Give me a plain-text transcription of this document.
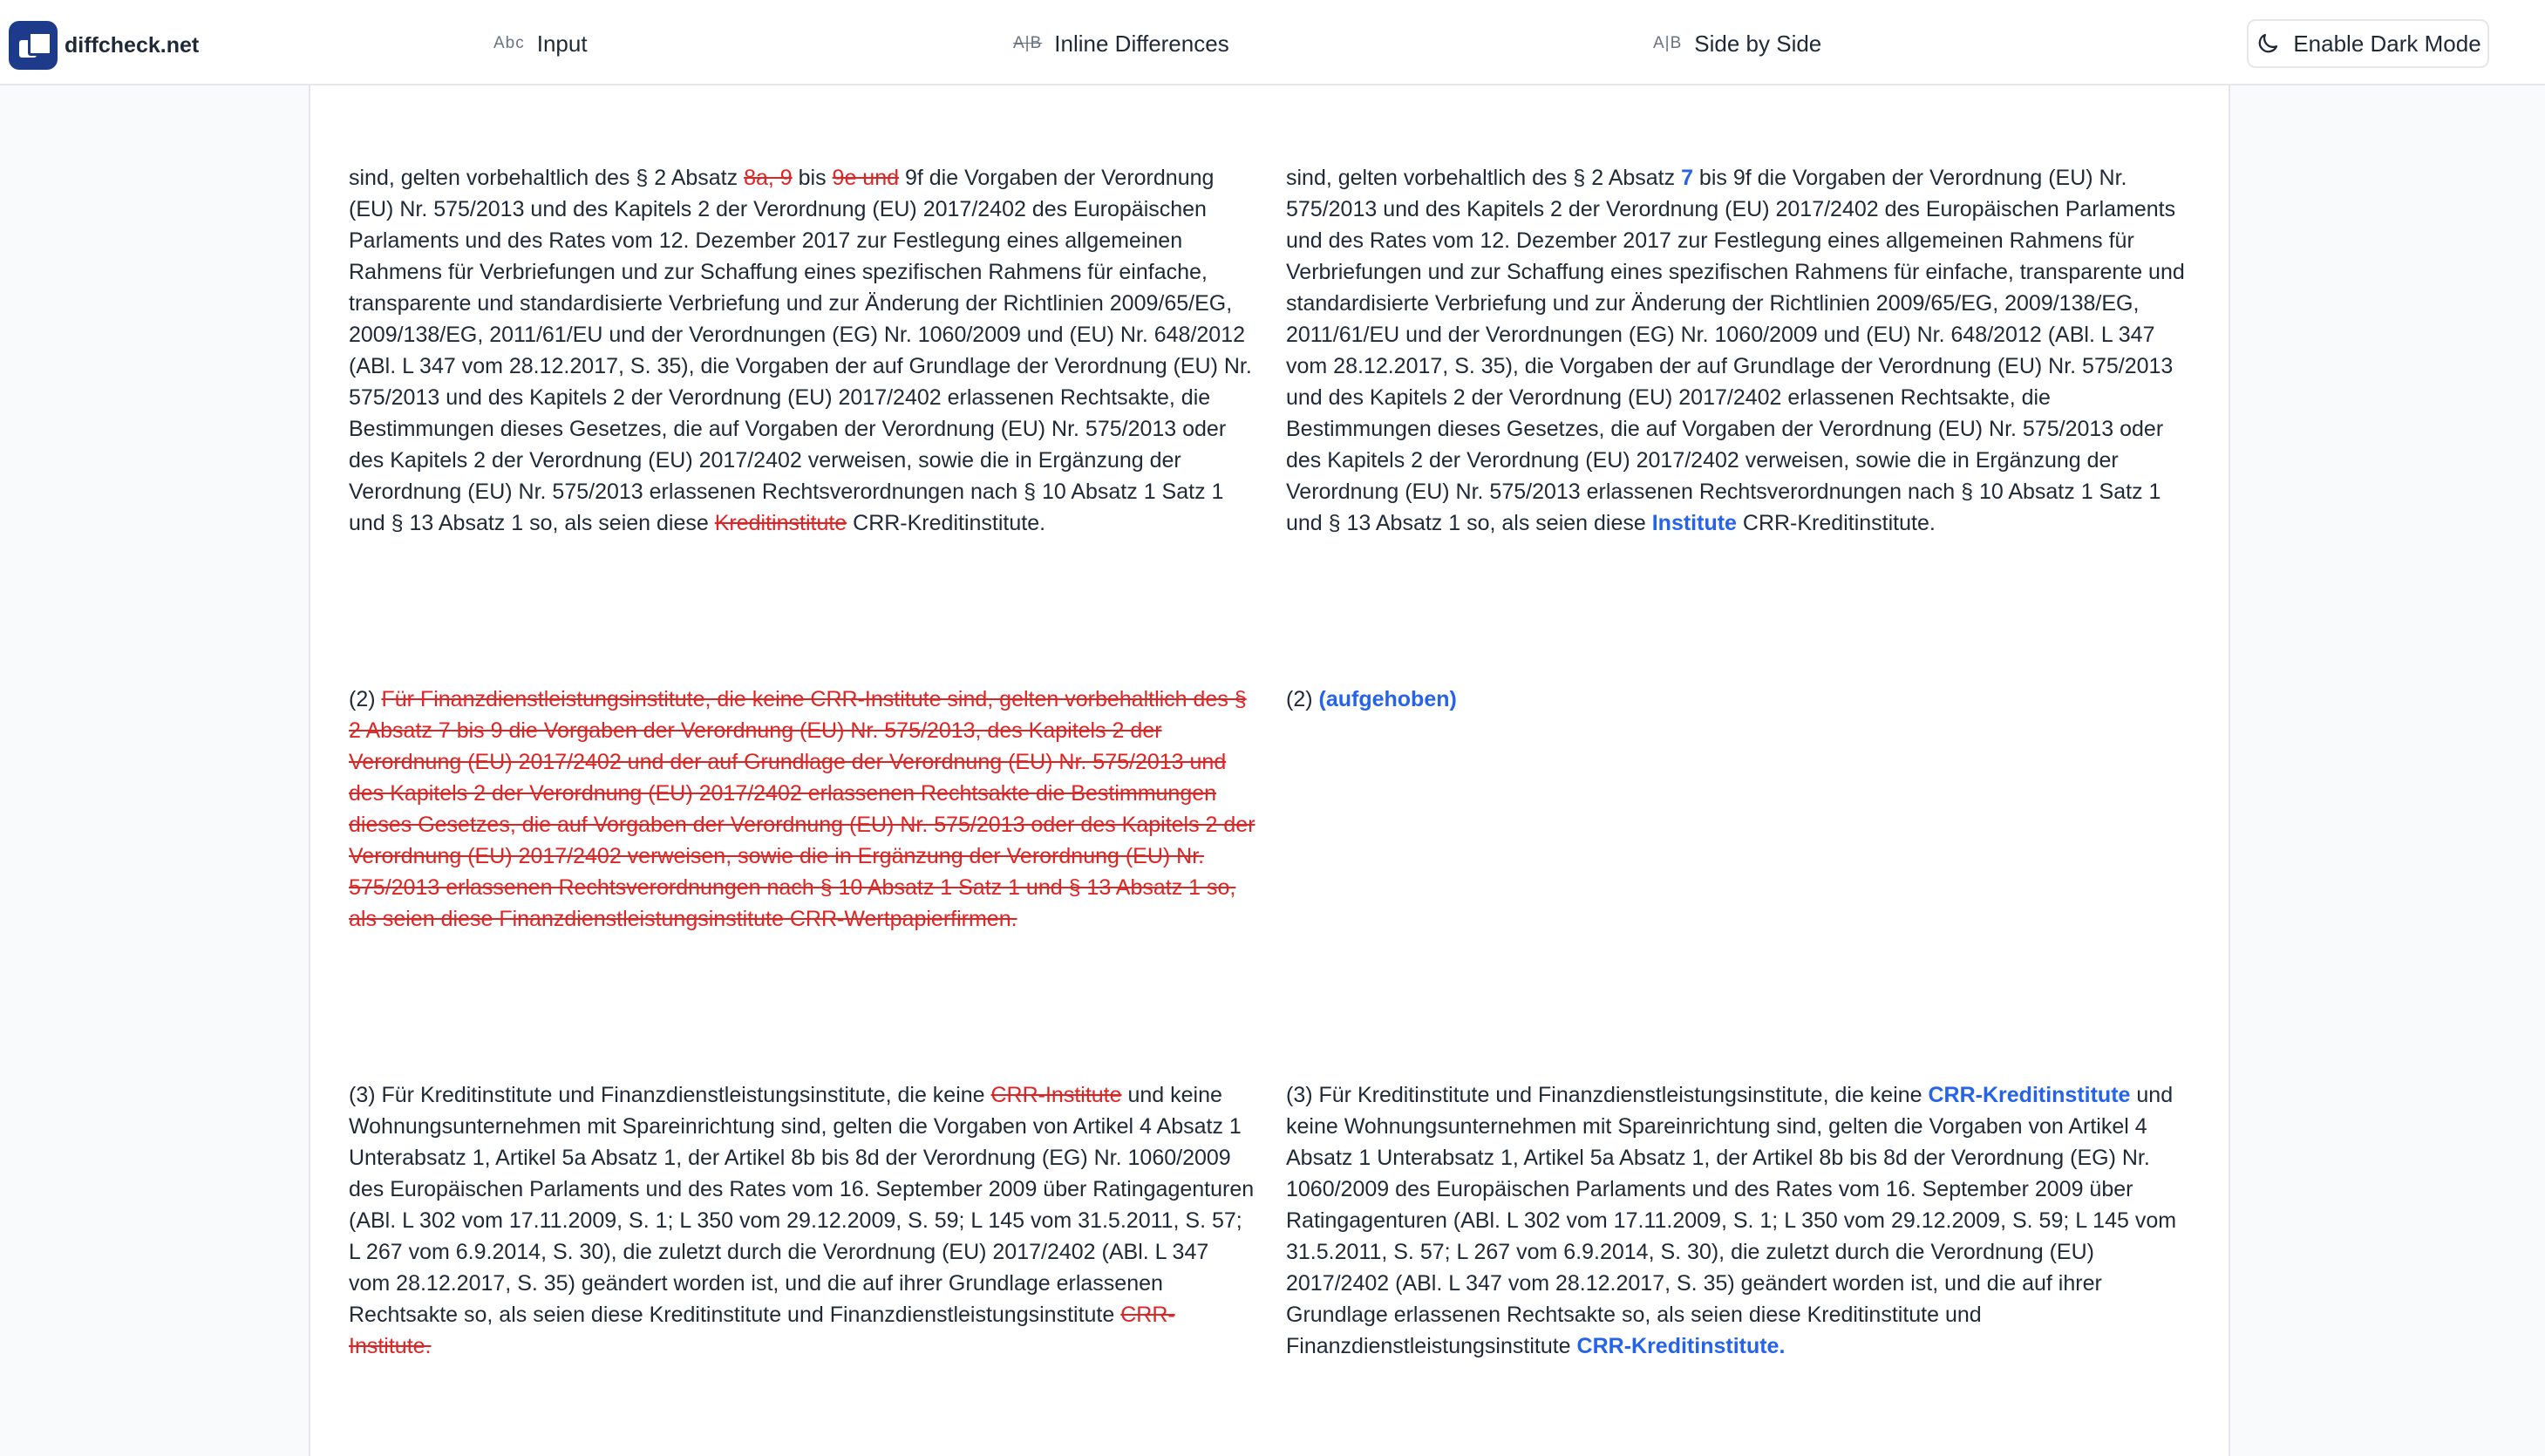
diffcheck.net	Abc Input	A|B Inline Differences	A|B Side by Side	Enable Dark Mode

sind, gelten vorbehaltlich des § 2 Absatz 8a, 9 bis 9e und 9f die Vorgaben der Verordnung (EU) Nr. 575/2013 und des Kapitels 2 der Verordnung (EU) 2017/2402 des Europäischen Parlaments und des Rates vom 12. Dezember 2017 zur Festlegung eines allgemeinen Rahmens für Verbriefungen und zur Schaffung eines spezifischen Rahmens für einfache, transparente und standardisierte Verbriefung und zur Änderung der Richtlinien 2009/65/EG, 2009/138/EG, 2011/61/EU und der Verordnungen (EG) Nr. 1060/2009 und (EU) Nr. 648/2012 (ABl. L 347 vom 28.12.2017, S. 35), die Vorgaben der auf Grundlage der Verordnung (EU) Nr. 575/2013 und des Kapitels 2 der Verordnung (EU) 2017/2402 erlassenen Rechtsakte, die Bestimmungen dieses Gesetzes, die auf Vorgaben der Verordnung (EU) Nr. 575/2013 oder des Kapitels 2 der Verordnung (EU) 2017/2402 verweisen, sowie die in Ergänzung der Verordnung (EU) Nr. 575/2013 erlassenen Rechtsverordnungen nach § 10 Absatz 1 Satz 1 und § 13 Absatz 1 so, als seien diese Kreditinstitute CRR-Kreditinstitute.

(2) Für Finanzdienstleistungsinstitute, die keine CRR-Institute sind, gelten vorbehaltlich des § 2 Absatz 7 bis 9 die Vorgaben der Verordnung (EU) Nr. 575/2013, des Kapitels 2 der Verordnung (EU) 2017/2402 und der auf Grundlage der Verordnung (EU) Nr. 575/2013 und des Kapitels 2 der Verordnung (EU) 2017/2402 erlassenen Rechtsakte die Bestimmungen dieses Gesetzes, die auf Vorgaben der Verordnung (EU) Nr. 575/2013 oder des Kapitels 2 der Verordnung (EU) 2017/2402 verweisen, sowie die in Ergänzung der Verordnung (EU) Nr. 575/2013 erlassenen Rechtsverordnungen nach § 10 Absatz 1 Satz 1 und § 13 Absatz 1 so, als seien diese Finanzdienstleistungsinstitute CRR-Wertpapierfirmen.

(3) Für Kreditinstitute und Finanzdienstleistungsinstitute, die keine CRR-Institute und keine Wohnungsunternehmen mit Spareinrichtung sind, gelten die Vorgaben von Artikel 4 Absatz 1 Unterabsatz 1, Artikel 5a Absatz 1, der Artikel 8b bis 8d der Verordnung (EG) Nr. 1060/2009 des Europäischen Parlaments und des Rates vom 16. September 2009 über Ratingagenturen (ABl. L 302 vom 17.11.2009, S. 1; L 350 vom 29.12.2009, S. 59; L 145 vom 31.5.2011, S. 57; L 267 vom 6.9.2014, S. 30), die zuletzt durch die Verordnung (EU) 2017/2402 (ABl. L 347 vom 28.12.2017, S. 35) geändert worden ist, und die auf ihrer Grundlage erlassenen Rechtsakte so, als seien diese Kreditinstitute und Finanzdienstleistungsinstitute CRR-Institute.

sind, gelten vorbehaltlich des § 2 Absatz 7 bis 9f die Vorgaben der Verordnung (EU) Nr. 575/2013 und des Kapitels 2 der Verordnung (EU) 2017/2402 des Europäischen Parlaments und des Rates vom 12. Dezember 2017 zur Festlegung eines allgemeinen Rahmens für Verbriefungen und zur Schaffung eines spezifischen Rahmens für einfache, transparente und standardisierte Verbriefung und zur Änderung der Richtlinien 2009/65/EG, 2009/138/EG, 2011/61/EU und der Verordnungen (EG) Nr. 1060/2009 und (EU) Nr. 648/2012 (ABl. L 347 vom 28.12.2017, S. 35), die Vorgaben der auf Grundlage der Verordnung (EU) Nr. 575/2013 und des Kapitels 2 der Verordnung (EU) 2017/2402 erlassenen Rechtsakte, die Bestimmungen dieses Gesetzes, die auf Vorgaben der Verordnung (EU) Nr. 575/2013 oder des Kapitels 2 der Verordnung (EU) 2017/2402 verweisen, sowie die in Ergänzung der Verordnung (EU) Nr. 575/2013 erlassenen Rechtsverordnungen nach § 10 Absatz 1 Satz 1 und § 13 Absatz 1 so, als seien diese Institute CRR-Kreditinstitute.

(2) (aufgehoben)

(3) Für Kreditinstitute und Finanzdienstleistungsinstitute, die keine CRR-Kreditinstitute und keine Wohnungsunternehmen mit Spareinrichtung sind, gelten die Vorgaben von Artikel 4 Absatz 1 Unterabsatz 1, Artikel 5a Absatz 1, der Artikel 8b bis 8d der Verordnung (EG) Nr. 1060/2009 des Europäischen Parlaments und des Rates vom 16. September 2009 über Ratingagenturen (ABl. L 302 vom 17.11.2009, S. 1; L 350 vom 29.12.2009, S. 59; L 145 vom 31.5.2011, S. 57; L 267 vom 6.9.2014, S. 30), die zuletzt durch die Verordnung (EU) 2017/2402 (ABl. L 347 vom 28.12.2017, S. 35) geändert worden ist, und die auf ihrer Grundlage erlassenen Rechtsakte so, als seien diese Kreditinstitute und Finanzdienstleistungsinstitute CRR-Kreditinstitute.
